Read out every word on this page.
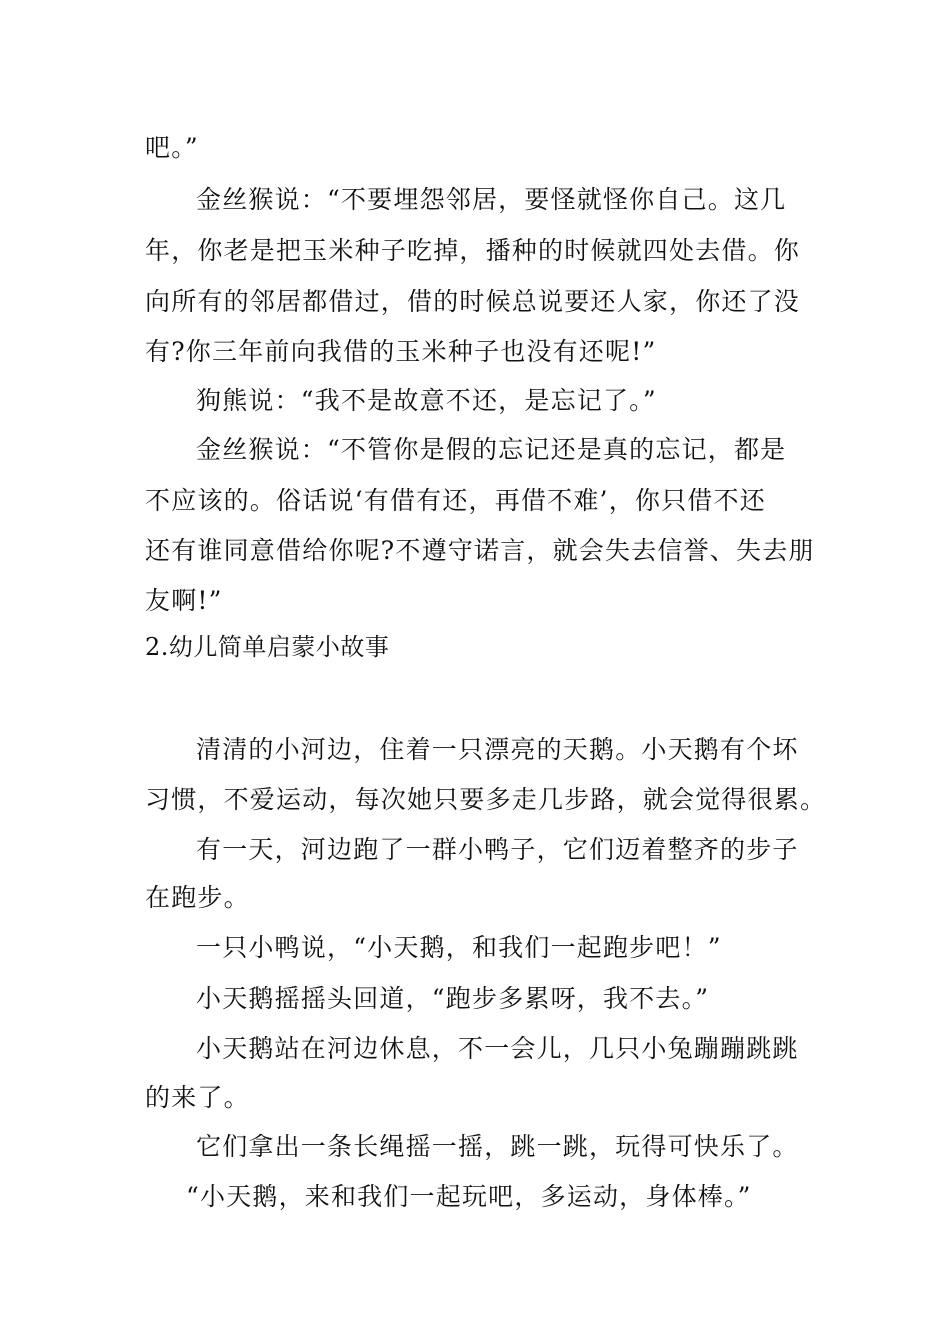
吧。”
金丝猴说：“不要埋怨邻居，要怪就怪你自己。这几
年，你老是把玉米种子吃掉，播种的时候就四处去借。你
向所有的邻居都借过，借的时候总说要还人家，你还了没
有?你三年前向我借的玉米种子也没有还呢!”
狗熊说：“我不是故意不还，是忘记了。”
金丝猴说：“不管你是假的忘记还是真的忘记，都是
不应该的。俗话说‘有借有还，再借不难’，你只借不还
还有谁同意借给你呢?不遵守诺言，就会失去信誉、失去朋
友啊!”
2.幼儿简单启蒙小故事
清清的小河边，住着一只漂亮的天鹅。小天鹅有个坏
习惯，不爱运动，每次她只要多走几步路，就会觉得很累。
有一天，河边跑了一群小鸭子，它们迈着整齐的步子
在跑步。
一只小鸭说，“小天鹅，和我们一起跑步吧！”
小天鹅摇摇头回道，“跑步多累呀，我不去。”
小天鹅站在河边休息，不一会儿，几只小兔蹦蹦跳跳
的来了。
它们拿出一条长绳摇一摇，跳一跳，玩得可快乐了。
“小天鹅，来和我们一起玩吧，多运动，身体棒。”
